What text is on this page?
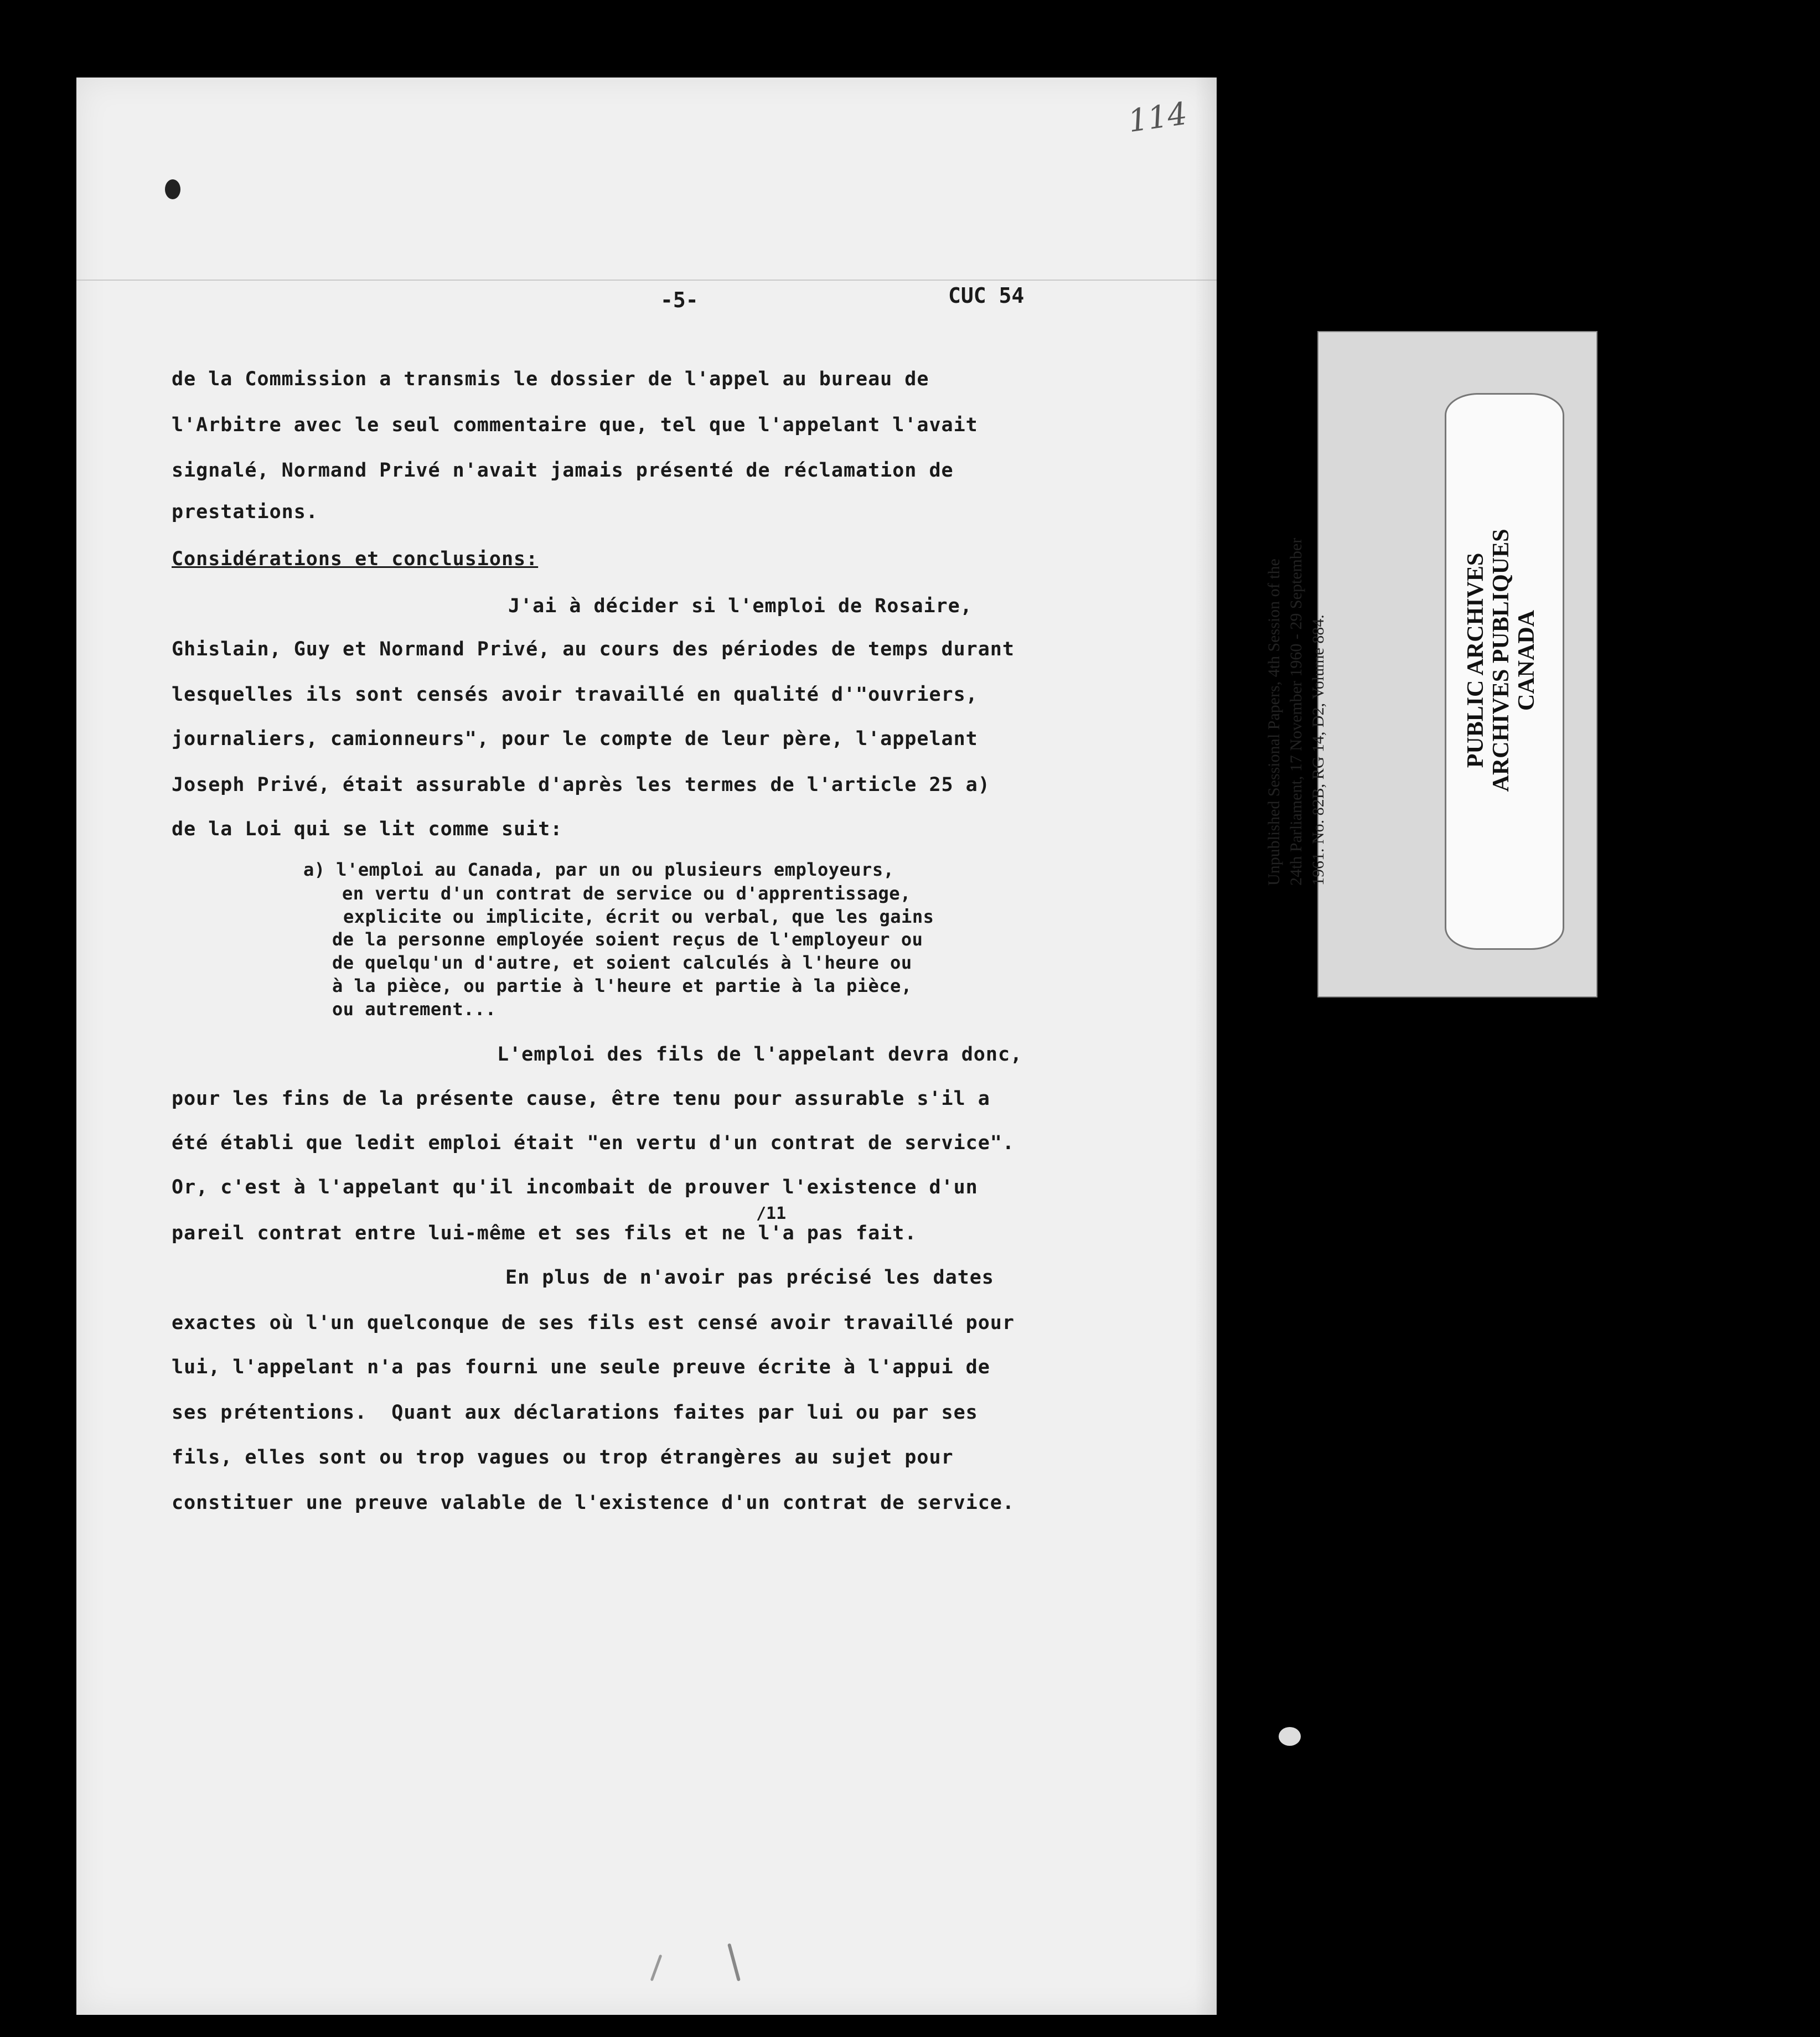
114
-5-	CUC 54
de la Commission a transmis le dossier de l'appel au bureau de
l'Arbitre avec le seul commentaire que, tel que l'appelant l'avait
signalé, Normand Privé n'avait jamais présenté de réclamation de
prestations.
Considérations et conclusions:
J'ai à décider si l'emploi de Rosaire,
Ghislain, Guy et Normand Privé, au cours des périodes de temps durant
lesquelles ils sont censés avoir travaillé en qualité d'"ouvriers,
journaliers, camionneurs", pour le compte de leur père, l'appelant
Joseph Privé, était assurable d'après les termes de l'article 25 a)
de la Loi qui se lit comme suit:
a) l'emploi au Canada, par un ou plusieurs employeurs,
en vertu d'un contrat de service ou d'apprentissage,
explicite ou implicite, écrit ou verbal, que les gains
de la personne employée soient reçus de l'employeur ou
de quelqu'un d'autre, et soient calculés à l'heure ou
à la pièce, ou partie à l'heure et partie à la pièce,
ou autrement...
L'emploi des fils de l'appelant devra donc,
pour les fins de la présente cause, être tenu pour assurable s'il a
été établi que ledit emploi était "en vertu d'un contrat de service".
Or, c'est à l'appelant qu'il incombait de prouver l'existence d'un
/11
pareil contrat entre lui-même et ses fils et ne l'a pas fait.
En plus de n'avoir pas précisé les dates
exactes où l'un quelconque de ses fils est censé avoir travaillé pour
lui, l'appelant n'a pas fourni une seule preuve écrite à l'appui de
ses prétentions.  Quant aux déclarations faites par lui ou par ses
fils, elles sont ou trop vagues ou trop étrangères au sujet pour
constituer une preuve valable de l'existence d'un contrat de service.
Unpublished Sessional Papers, 4th Session of the 24th Parliament, 17 November 1960 - 29 September 1961. No. 82B, RG 14, D2, Volume 884.	PUBLIC ARCHIVES ARCHIVES PUBLIQUES CANADA
